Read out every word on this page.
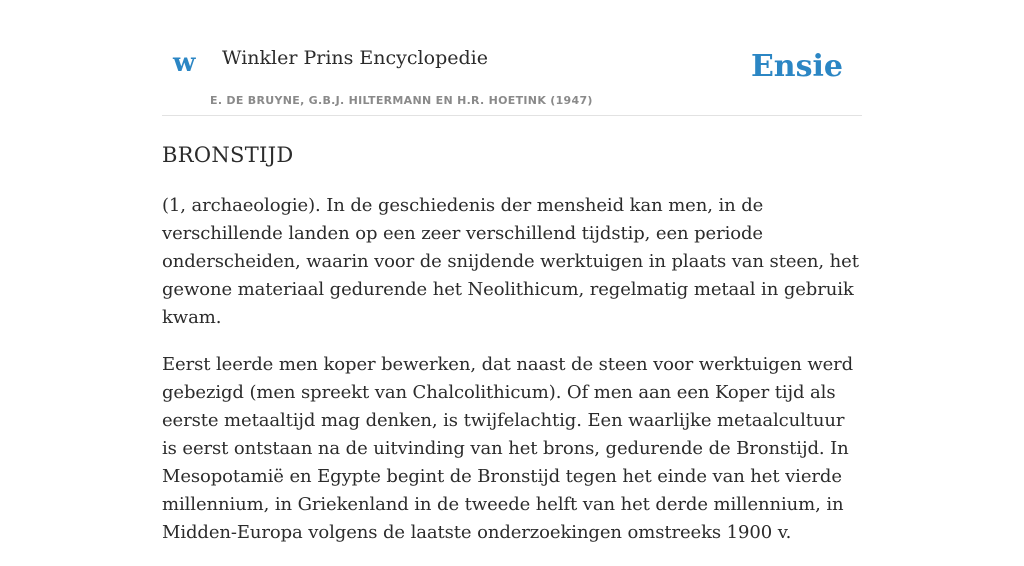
w Winkler Prins Encyclopedie
E. DE BRUYNE, G.B.J. HILTERMANN EN H.R. HOETINK (1947)
Ensie
BRONSTIJD

(1, archaeologie). In de geschiedenis der mensheid kan men, in de verschillende landen op een zeer verschillend tijdstip, een periode onderscheiden, waarin voor de snijdende werktuigen in plaats van steen, het gewone materiaal gedurende het Neolithicum, regelmatig metaal in gebruik kwam.

Eerst leerde men koper bewerken, dat naast de steen voor werktuigen werd gebezigd (men spreekt van Chalcolithicum). Of men aan een Koper tijd als eerste metaaltijd mag denken, is twijfelachtig. Een waarlijke metaalcultuur is eerst ontstaan na de uitvinding van het brons, gedurende de Bronstijd. In Mesopotamië en Egypte begint de Bronstijd tegen het einde van het vierde millennium, in Griekenland in de tweede helft van het derde millennium, in Midden-Europa volgens de laatste onderzoekingen omstreeks 1900 v.
